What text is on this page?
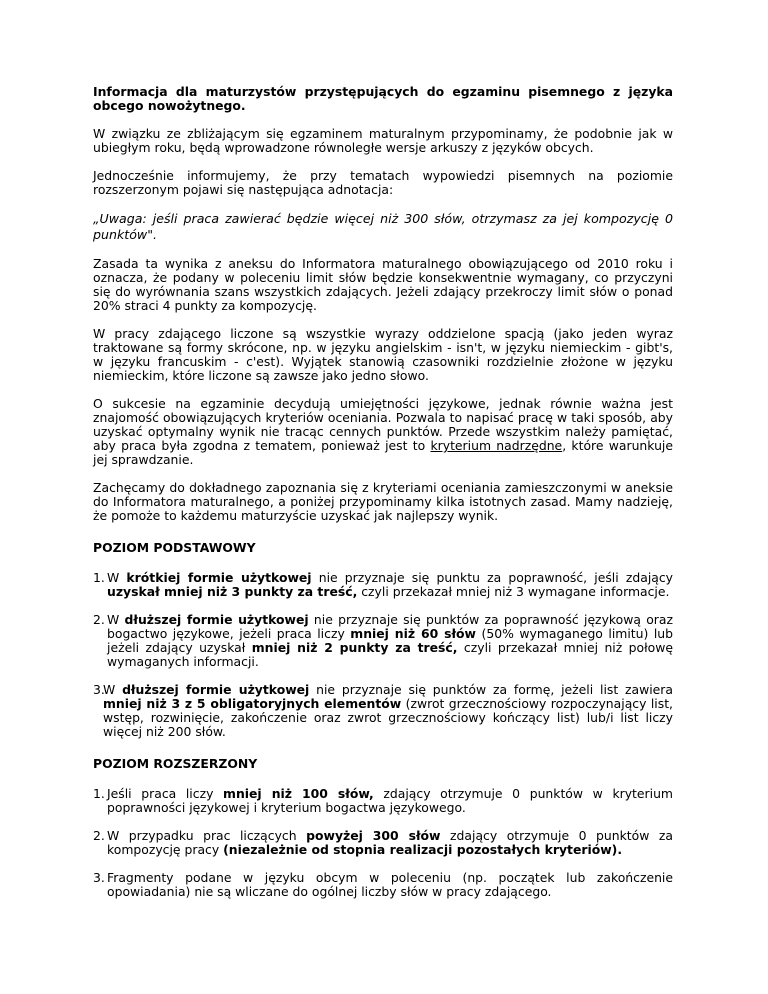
Informacja dla maturzystów przystępujących do egzaminu pisemnego z języka obcego nowożytnego.

W związku ze zbliżającym się egzaminem maturalnym przypominamy, że podobnie jak w ubiegłym roku, będą wprowadzone równoległe wersje arkuszy z języków obcych.

Jednocześnie informujemy, że przy tematach wypowiedzi pisemnych na poziomie rozszerzonym pojawi się następująca adnotacja:

„Uwaga: jeśli praca zawierać będzie więcej niż 300 słów, otrzymasz za jej kompozycję 0 punktów".

Zasada ta wynika z aneksu do Informatora maturalnego obowiązującego od 2010 roku i oznacza, że podany w poleceniu limit słów będzie konsekwentnie wymagany, co przyczyni się do wyrównania szans wszystkich zdających. Jeżeli zdający przekroczy limit słów o ponad 20% straci 4 punkty za kompozycję.

W pracy zdającego liczone są wszystkie wyrazy oddzielone spacją (jako jeden wyraz traktowane są formy skrócone, np. w języku angielskim - isn't, w języku niemieckim - gibt's, w języku francuskim - c'est). Wyjątek stanowią czasowniki rozdzielnie złożone w języku niemieckim, które liczone są zawsze jako jedno słowo.

O sukcesie na egzaminie decydują umiejętności językowe, jednak równie ważna jest znajomość obowiązujących kryteriów oceniania. Pozwala to napisać pracę w taki sposób, aby uzyskać optymalny wynik nie tracąc cennych punktów. Przede wszystkim należy pamiętać, aby praca była zgodna z tematem, ponieważ jest to kryterium nadrzędne, które warunkuje jej sprawdzanie.

Zachęcamy do dokładnego zapoznania się z kryteriami oceniania zamieszczonymi w aneksie do Informatora maturalnego, a poniżej przypominamy kilka istotnych zasad. Mamy nadzieję, że pomoże to każdemu maturzyście uzyskać jak najlepszy wynik.

POZIOM PODSTAWOWY
1. W krótkiej formie użytkowej nie przyznaje się punktu za poprawność, jeśli zdający uzyskał mniej niż 3 punkty za treść, czyli przekazał mniej niż 3 wymagane informacje.
2. W dłuższej formie użytkowej nie przyznaje się punktów za poprawność językową oraz bogactwo językowe, jeżeli praca liczy mniej niż 60 słów (50% wymaganego limitu) lub jeżeli zdający uzyskał mniej niż 2 punkty za treść, czyli przekazał mniej niż połowę wymaganych informacji.
3.
W dłuższej formie użytkowej nie przyznaje się punktów za formę, jeżeli list zawiera mniej niż 3 z 5 obligatoryjnych elementów (zwrot grzecznościowy rozpoczynający list, wstęp, rozwinięcie, zakończenie oraz zwrot grzecznościowy kończący list) lub/i list liczy więcej niż 200 słów.
POZIOM ROZSZERZONY
1. Jeśli praca liczy mniej niż 100 słów, zdający otrzymuje 0 punktów w kryterium poprawności językowej i kryterium bogactwa językowego.
2. W przypadku prac liczących powyżej 300 słów zdający otrzymuje 0 punktów za kompozycję pracy (niezależnie od stopnia realizacji pozostałych kryteriów).
3. Fragmenty podane w języku obcym w poleceniu (np. początek lub zakończenie opowiadania) nie są wliczane do ogólnej liczby słów w pracy zdającego.
